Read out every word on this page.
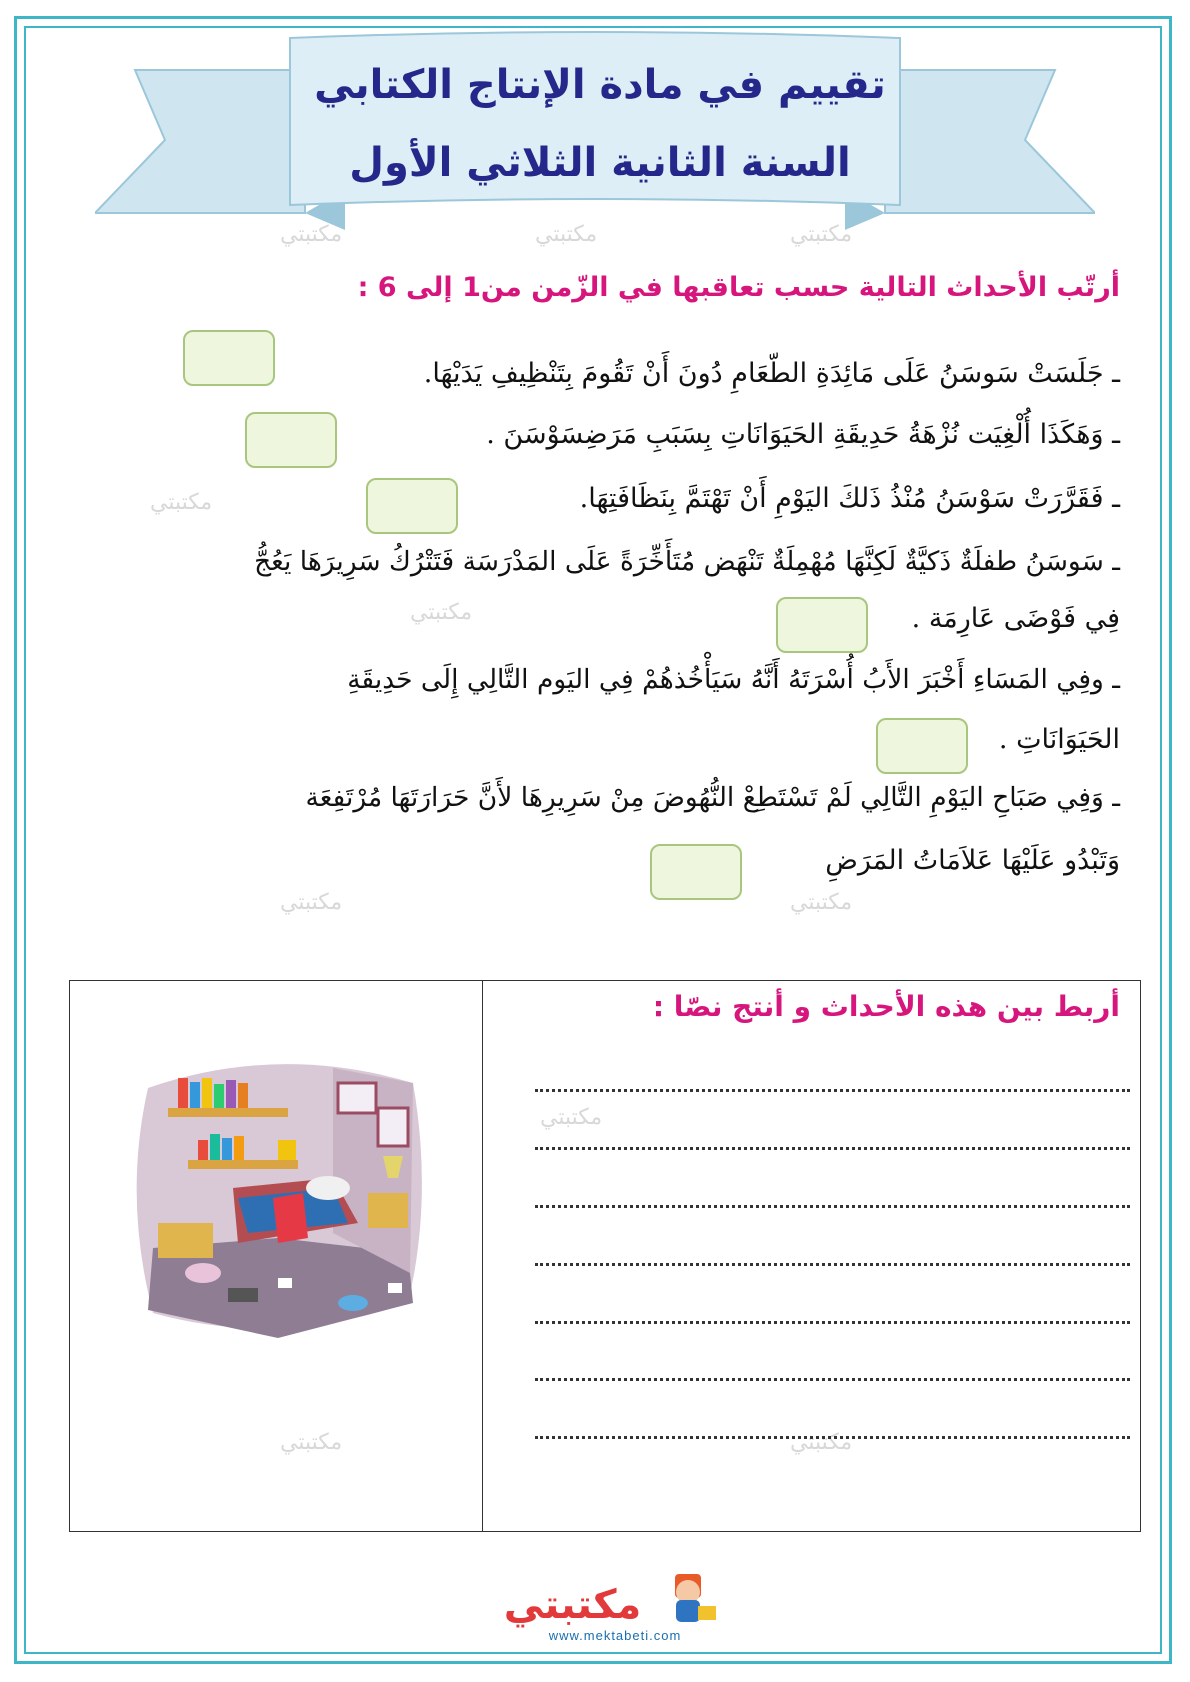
تقييم في مادة الإنتاج الكتابي
السنة الثانية الثلاثي الأول
مكتبتي	مكتبتي	مكتبتي
مكتبتي
مكتبتي
مكتبتي	مكتبتي
مكتبتي
مكتبتي	مكتبتي
أرتّب الأحداث التالية حسب تعاقبها في الزّمن من1 إلى 6 :
ـ جَلَسَتْ سَوسَنُ عَلَى مَائِدَةِ الطّعَامِ دُونَ أَنْ تَقُومَ بِتَنْظِيفِ يَدَيْهَا.
ـ وَهَكَذَا أُلْغِيَت نُزْهَةُ حَدِيقَةِ الحَيَوَانَاتِ بِسَبَبِ مَرَضِسَوْسَنَ .
ـ فَقَرَّرَتْ سَوْسَنُ مُنْذُ ذَلكَ اليَوْمِ أَنْ تَهْتَمَّ بِنَظَافَتِهَا.
ـ سَوسَنُ طفلَةٌ ذَكيَّةٌ لَكِنَّهَا مُهْمِلَةٌ تَنْهَض مُتَأَخِّرَةً عَلَى المَدْرَسَة فَتَتْرُكُ سَرِيرَهَا يَعُجُّ
فِي فَوْضَى عَارِمَة .
ـ وفِي المَسَاءِ أَخْبَرَ الأَبُ أُسْرَتَهُ أَنَّهُ سَيَأْخُذهُمْ فِي اليَوم التَّالِي إِلَى حَدِيقَةِ
الحَيَوَانَاتِ .
ـ وَفِي صَبَاحِ اليَوْمِ التَّالِي لَمْ تَسْتَطِعْ النُّهُوضَ مِنْ سَرِيرِهَا لأَنَّ حَرَارَتَهَا مُرْتَفِعَة
وَتَبْدُو عَلَيْهَا عَلاَمَاتُ المَرَضِ
أربط بين هذه الأحداث و أنتج نصّا :
مكتبتي
www.mektabeti.com
